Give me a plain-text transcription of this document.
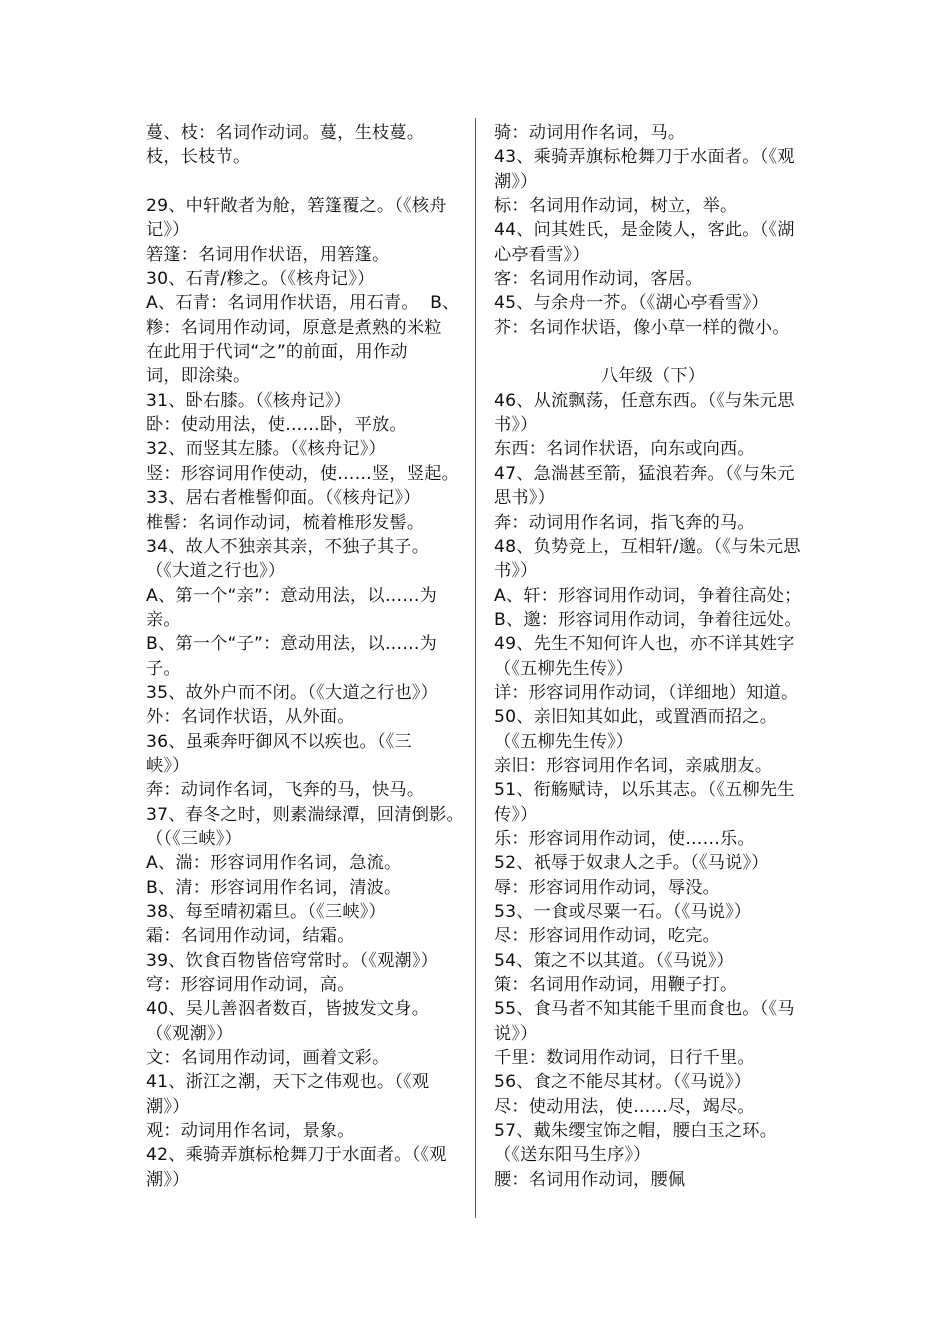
蔓、枝：名词作动词。蔓，生枝蔓。
枝，长枝节。
29、中轩敞者为舱，箬篷覆之。（《核舟
记》）
箬篷：名词用作状语，用箬篷。
30、石青/糁之。（《核舟记》）
A、石青：名词用作状语，用石青。  B、
糁：名词用作动词，原意是煮熟的米粒
在此用于代词“之”的前面，用作动
词，即涂染。
31、卧右膝。（《核舟记》）
卧：使动用法，使……卧，平放。
32、而竖其左膝。（《核舟记》）
竖：形容词用作使动，使……竖，竖起。
33、居右者椎髻仰面。（《核舟记》）
椎髻：名词作动词，梳着椎形发髻。
34、故人不独亲其亲，不独子其子。
（《大道之行也》）
A、第一个“亲”：意动用法，以……为
亲。
B、第一个“子”：意动用法，以……为
子。
35、故外户而不闭。（《大道之行也》）
外：名词作状语，从外面。
36、虽乘奔吁御风不以疾也。（《三
峡》）
奔：动词作名词，飞奔的马，快马。
37、春冬之时，则素湍绿潭，回清倒影。
（（《三峡》）
A、湍：形容词用作名词，急流。
B、清：形容词用作名词，清波。
38、每至晴初霜旦。（《三峡》）
霜：名词用作动词，结霜。
39、饮食百物皆倍穹常时。（《观潮》）
穹：形容词用作动词，高。
40、吴儿善泅者数百，皆披发文身。
（《观潮》）
文：名词用作动词，画着文彩。
41、浙江之潮，天下之伟观也。（《观
潮》）
观：动词用作名词，景象。
42、乘骑弄旗标枪舞刀于水面者。（《观
潮》）
骑：动词用作名词，马。
43、乘骑弄旗标枪舞刀于水面者。（《观
潮》）
标：名词用作动词，树立，举。
44、问其姓氏，是金陵人，客此。（《湖
心亭看雪》）
客：名词用作动词，客居。
45、与余舟一芥。（《湖心亭看雪》）
芥：名词作状语，像小草一样的微小。
八年级（下）
46、从流飘荡，任意东西。（《与朱元思
书》）
东西：名词作状语，向东或向西。
47、急湍甚至箭，猛浪若奔。（《与朱元
思书》）
奔：动词用作名词，指飞奔的马。
48、负势竞上，互相轩/邈。（《与朱元思
书》）
A、轩：形容词用作动词，争着往高处；
B、邈：形容词用作动词，争着往远处。
49、先生不知何许人也，亦不详其姓字
（《五柳先生传》）
详：形容词用作动词，（详细地）知道。
50、亲旧知其如此，或置酒而招之。
（《五柳先生传》）
亲旧：形容词用作名词，亲戚朋友。
51、衔觞赋诗，以乐其志。（《五柳先生
传》）
乐：形容词用作动词，使……乐。
52、祇辱于奴隶人之手。（《马说》）
辱：形容词用作动词，辱没。
53、一食或尽粟一石。（《马说》）
尽：形容词用作动词，吃完。
54、策之不以其道。（《马说》）
策：名词用作动词，用鞭子打。
55、食马者不知其能千里而食也。（《马
说》）
千里：数词用作动词，日行千里。
56、食之不能尽其材。（《马说》）
尽：使动用法，使……尽，竭尽。
57、戴朱缨宝饰之帽，腰白玉之环。
（《送东阳马生序》）
腰：名词用作动词，腰佩
